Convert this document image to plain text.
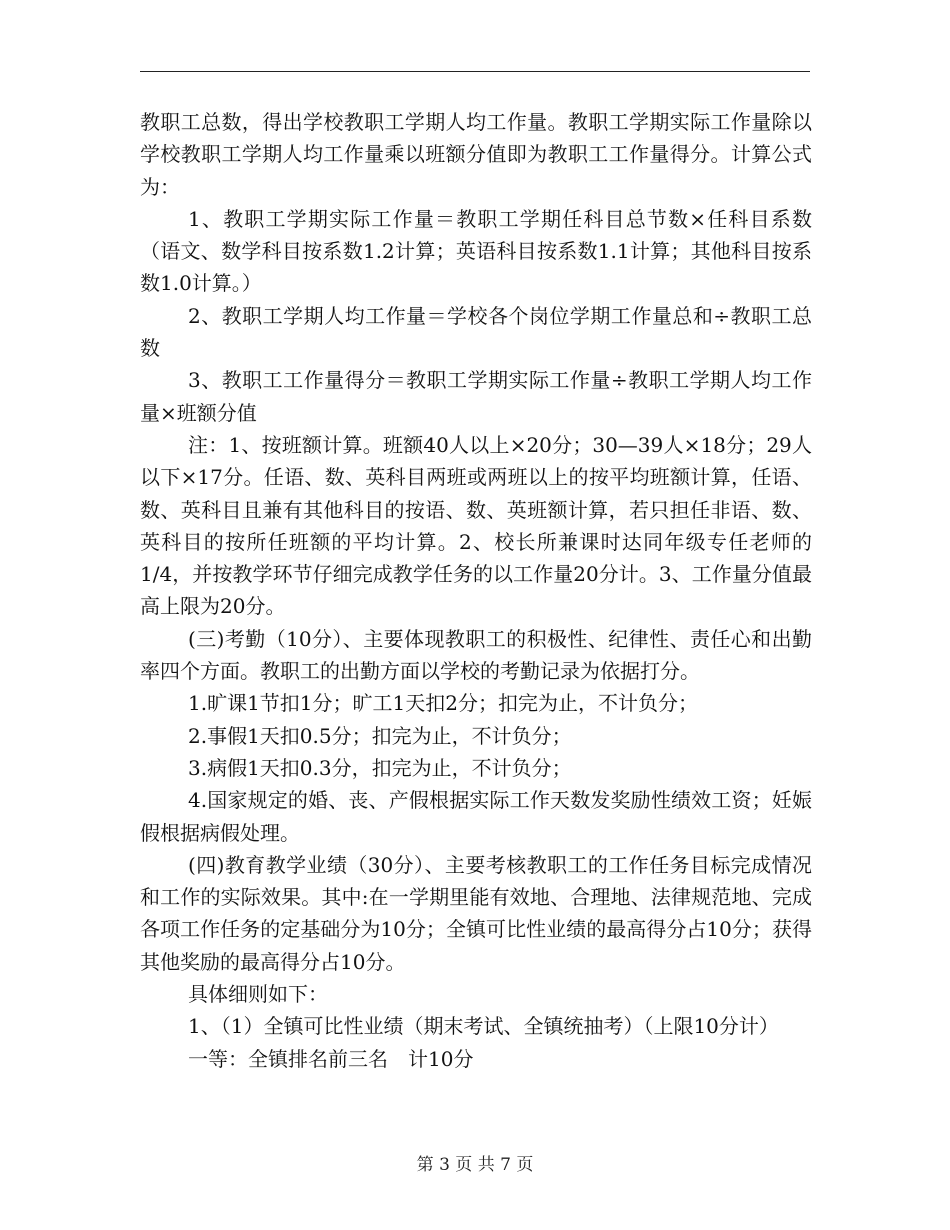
教职工总数，得出学校教职工学期人均工作量。教职工学期实际工作量除以学校教职工学期人均工作量乘以班额分值即为教职工工作量得分。计算公式为：

1、教职工学期实际工作量＝教职工学期任科目总节数×任科目系数（语文、数学科目按系数1.2计算；英语科目按系数1.1计算；其他科目按系数1.0计算。）

2、教职工学期人均工作量＝学校各个岗位学期工作量总和÷教职工总数

3、教职工工作量得分＝教职工学期实际工作量÷教职工学期人均工作量×班额分值

注：1、按班额计算。班额40人以上×20分；30—39人×18分；29人以下×17分。任语、数、英科目两班或两班以上的按平均班额计算，任语、数、英科目且兼有其他科目的按语、数、英班额计算，若只担任非语、数、英科目的按所任班额的平均计算。2、校长所兼课时达同年级专任老师的1/4，并按教学环节仔细完成教学任务的以工作量20分计。3、工作量分值最高上限为20分。

(三)考勤（10分）、主要体现教职工的积极性、纪律性、责任心和出勤率四个方面。教职工的出勤方面以学校的考勤记录为依据打分。

1.旷课1节扣1分；旷工1天扣2分；扣完为止，不计负分；

2.事假1天扣0.5分；扣完为止，不计负分；

3.病假1天扣0.3分，扣完为止，不计负分；

4.国家规定的婚、丧、产假根据实际工作天数发奖励性绩效工资；妊娠假根据病假处理。

(四)教育教学业绩（30分）、主要考核教职工的工作任务目标完成情况和工作的实际效果。其中:在一学期里能有效地、合理地、法律规范地、完成各项工作任务的定基础分为10分；全镇可比性业绩的最高得分占10分；获得其他奖励的最高得分占10分。

具体细则如下：

1、（1）全镇可比性业绩（期末考试、全镇统抽考）（上限10分计）

一等：全镇排名前三名　计10分

第 3 页 共 7 页
